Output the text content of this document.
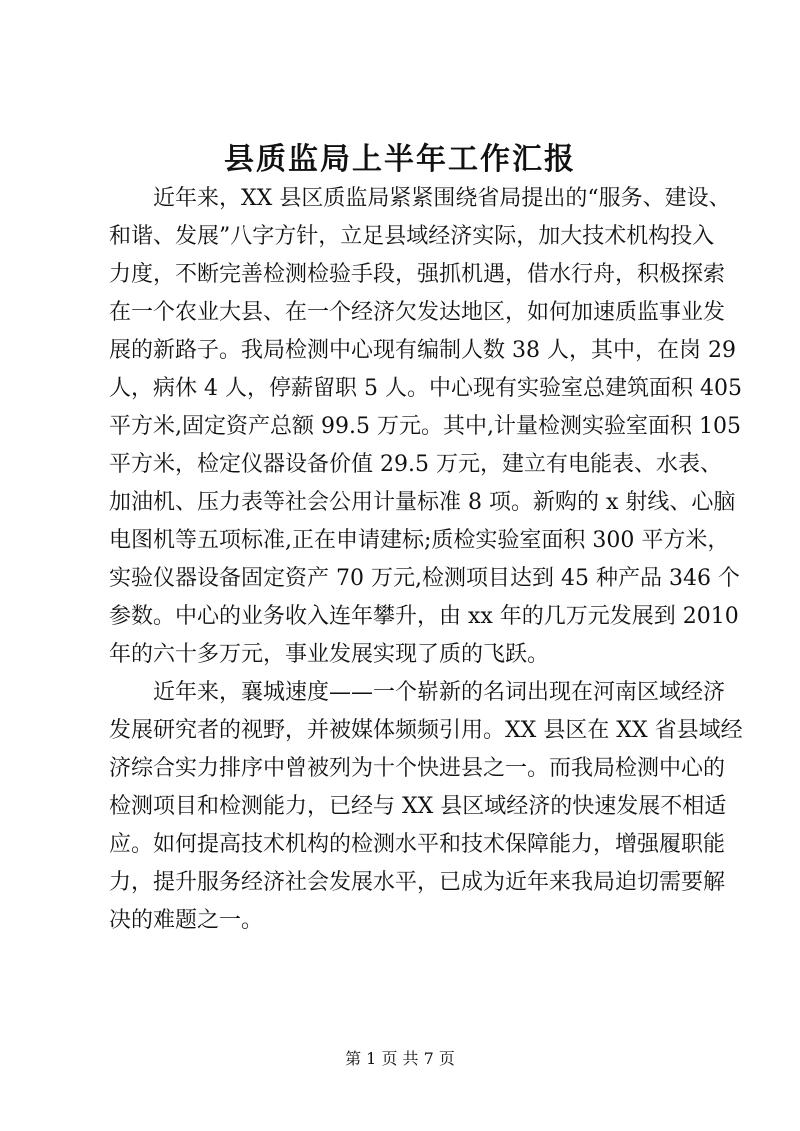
县质监局上半年工作汇报
近年来，XX 县区质监局紧紧围绕省局提出的“服务、建设、
和谐、发展”八字方针，立足县域经济实际，加大技术机构投入
力度，不断完善检测检验手段，强抓机遇，借水行舟，积极探索
在一个农业大县、在一个经济欠发达地区，如何加速质监事业发
展的新路子。我局检测中心现有编制人数 38 人，其中，在岗 29
人，病休 4 人，停薪留职 5 人。中心现有实验室总建筑面积 405
平方米,固定资产总额 99.5 万元。其中,计量检测实验室面积 105
平方米，检定仪器设备价值 29.5 万元，建立有电能表、水表、
加油机、压力表等社会公用计量标准 8 项。新购的 x 射线、心脑
电图机等五项标准,正在申请建标;质检实验室面积 300 平方米，
实验仪器设备固定资产 70 万元,检测项目达到 45 种产品 346 个
参数。中心的业务收入连年攀升，由 xx 年的几万元发展到 2010
年的六十多万元，事业发展实现了质的飞跃。
近年来，襄城速度——一个崭新的名词出现在河南区域经济
发展研究者的视野，并被媒体频频引用。XX 县区在 XX 省县域经
济综合实力排序中曾被列为十个快进县之一。而我局检测中心的
检测项目和检测能力，已经与 XX 县区域经济的快速发展不相适
应。如何提高技术机构的检测水平和技术保障能力，增强履职能
力，提升服务经济社会发展水平，已成为近年来我局迫切需要解
决的难题之一。
第 1 页 共 7 页
